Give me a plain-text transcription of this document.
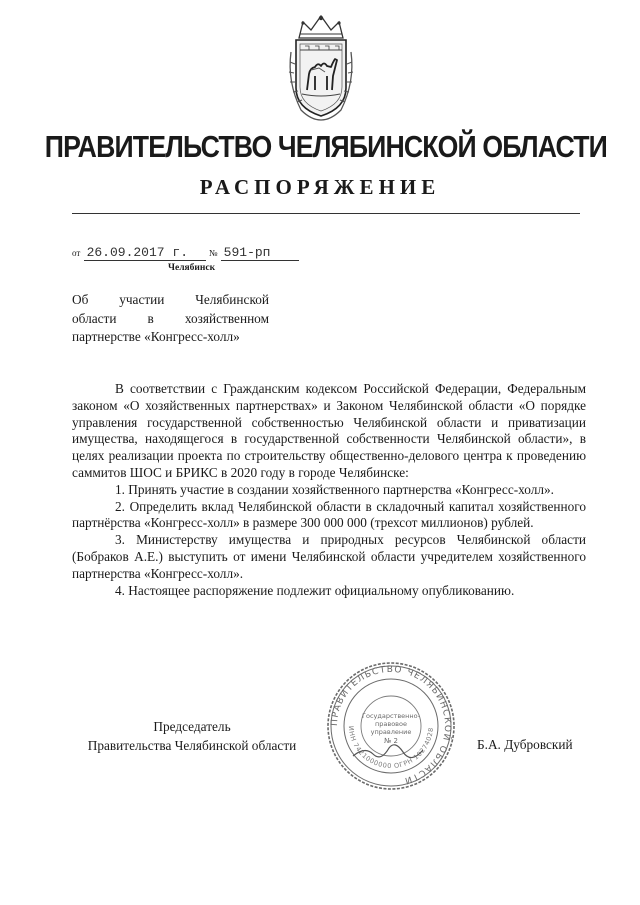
ПРАВИТЕЛЬСТВО ЧЕЛЯБИНСКОЙ ОБЛАСТИ
РАСПОРЯЖЕНИЕ
от 26.09.2017 г. № 591-рп
Челябинск
Об участии Челябинской
области в хозяйственном
партнерстве «Конгресс-холл»

В соответствии с Гражданским кодексом Российской Федерации, Федеральным законом «О хозяйственных партнерствах» и Законом Челябинской области «О порядке управления государственной собственностью Челябинской области и приватизации имущества, находящегося в государственной собственности Челябинской области», в целях реализации проекта по строительству общественно-делового центра к проведению саммитов ШОС и БРИКС в 2020 году в городе Челябинске:

1. Принять участие в создании хозяйственного партнерства «Конгресс-холл».

2. Определить вклад Челябинской области в складочный капитал хозяйственного партнёрства «Конгресс-холл» в размере 300 000 000 (трехсот миллионов) рублей.

3. Министерству имущества и природных ресурсов Челябинской области (Бобраков А.Е.) выступить от имени Челябинской области учредителем хозяйственного партнерства «Конгресс-холл».

4. Настоящее распоряжение подлежит официальному опубликованию.

Председатель
Правительства Челябинской области	Б.А. Дубровский
ПРАВИТЕЛЬСТВО ЧЕЛЯБИНСКОЙ ОБЛАСТИ
ИНН 7421000000 ОГРН 10274028
Государственно-
правовое
управление
№ 2
